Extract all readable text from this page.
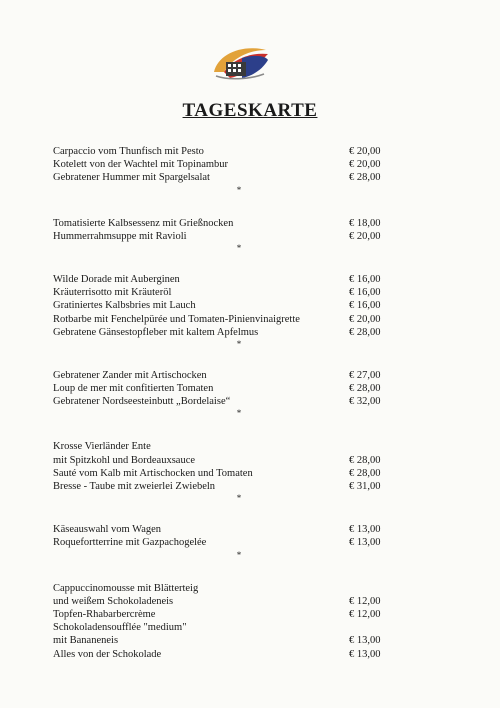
TAGESKARTE
Carpaccio vom Thunfisch mit Pesto	€ 20,00
Kotelett von der Wachtel mit Topinambur	€ 20,00
Gebratener Hummer mit Spargelsalat	€ 28,00
*
Tomatisierte Kalbsessenz mit Grießnocken	€ 18,00
Hummerrahmsuppe mit Ravioli	€ 20,00
*
Wilde Dorade mit Auberginen	€ 16,00
Kräuterrisotto mit Kräuteröl	€ 16,00
Gratiniertes Kalbsbries mit Lauch	€ 16,00
Rotbarbe mit Fenchelpürée und Tomaten-Pinienvinaigrette	€ 20,00
Gebratene Gänsestopfleber mit kaltem Apfelmus	€ 28,00
*
Gebratener Zander mit Artischocken	€ 27,00
Loup de mer mit confitierten Tomaten	€ 28,00
Gebratener Nordseesteinbutt „Bordelaise“	€ 32,00
*
Krosse Vierländer Ente
mit Spitzkohl und Bordeauxsauce	€ 28,00
Sauté vom Kalb mit Artischocken und Tomaten	€ 28,00
Bresse - Taube mit zweierlei Zwiebeln	€ 31,00
*
Käseauswahl vom Wagen	€ 13,00
Roquefortterrine mit Gazpachogelée	€ 13,00
*
Cappuccinomousse mit Blätterteig
und weißem Schokoladeneis	€ 12,00
Topfen-Rhabarbercrème	€ 12,00
Schokoladensoufflée "medium"
mit Bananeneis	€ 13,00
Alles von der Schokolade	€ 13,00
